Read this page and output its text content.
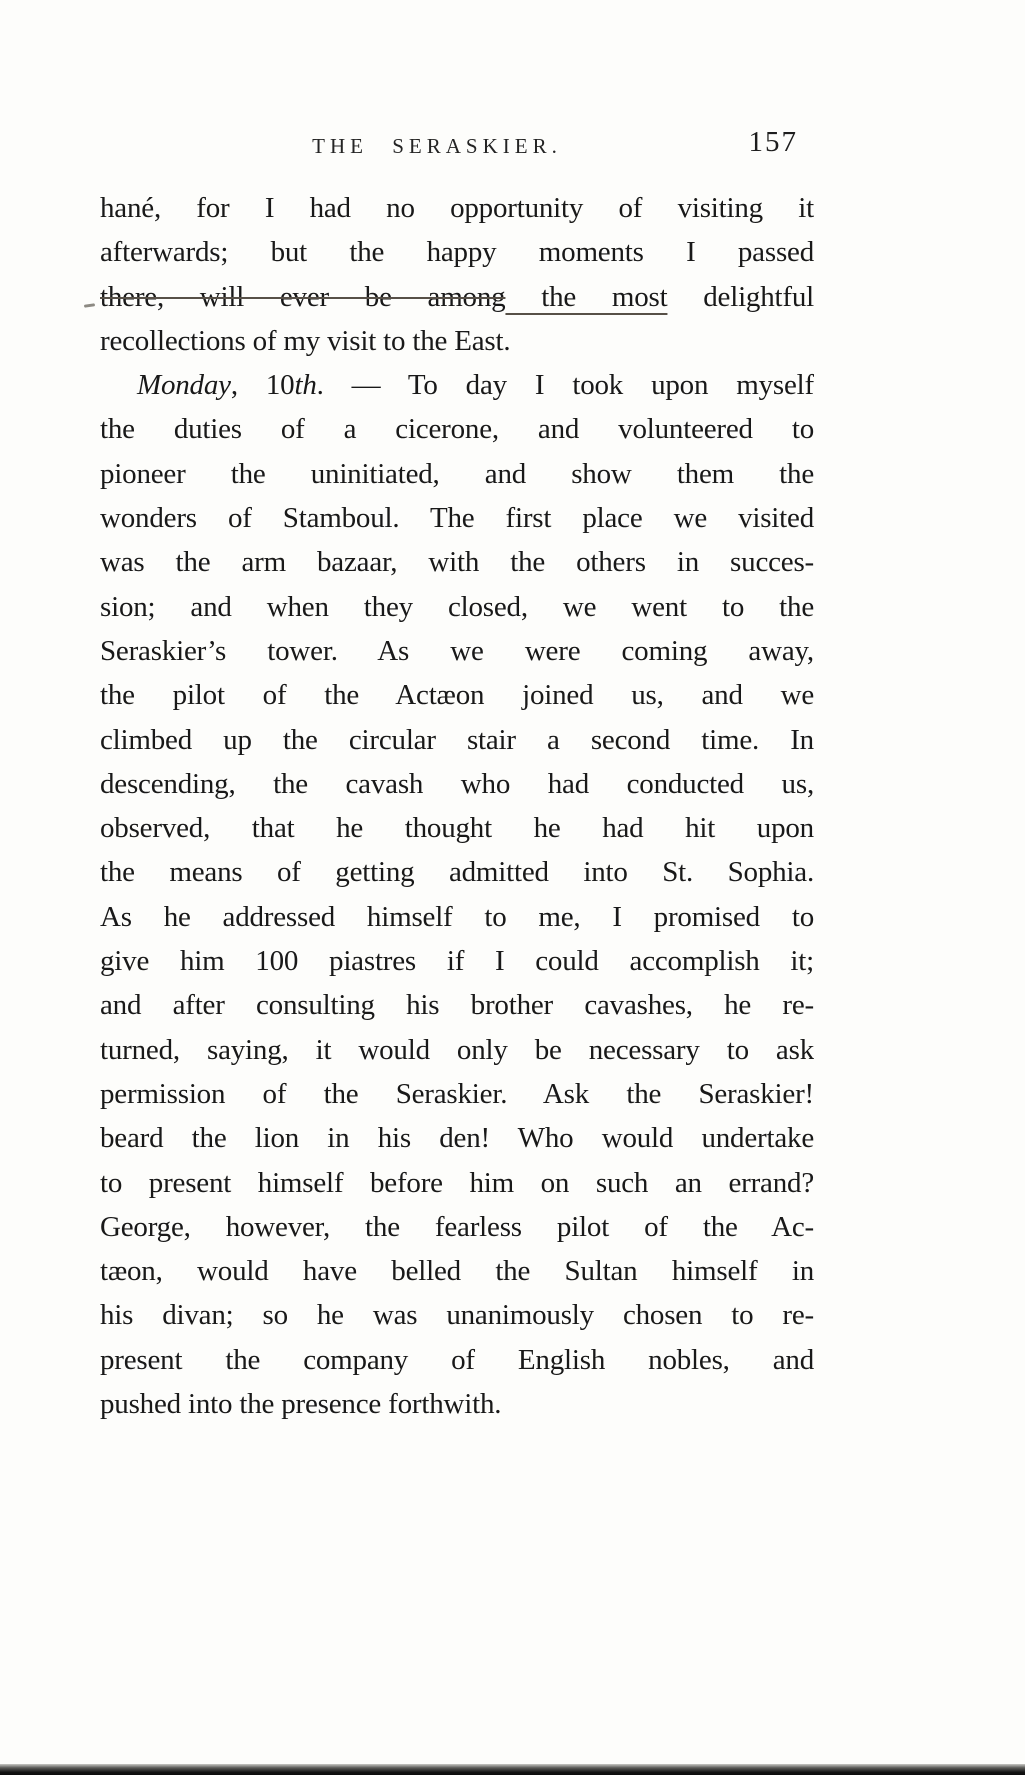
THE SERASKIER.	157
hané, for I had no opportunity of visiting it
afterwards; but the happy moments I passed
there, will ever be among the most delightful
recollections of my visit to the East.
Monday, 10th. — To day I took upon myself
the duties of a cicerone, and volunteered to
pioneer the uninitiated, and show them the
wonders of Stamboul. The first place we visited
was the arm bazaar, with the others in succes-
sion; and when they closed, we went to the
Seraskier’s tower. As we were coming away,
the pilot of the Actæon joined us, and we
climbed up the circular stair a second time. In
descending, the cavash who had conducted us,
observed, that he thought he had hit upon
the means of getting admitted into St. Sophia.
As he addressed himself to me, I promised to
give him 100 piastres if I could accomplish it;
and after consulting his brother cavashes, he re-
turned, saying, it would only be necessary to ask
permission of the Seraskier. Ask the Seraskier!
beard the lion in his den! Who would undertake
to present himself before him on such an errand?
George, however, the fearless pilot of the Ac-
tæon, would have belled the Sultan himself in
his divan; so he was unanimously chosen to re-
present the company of English nobles, and
pushed into the presence forthwith.
